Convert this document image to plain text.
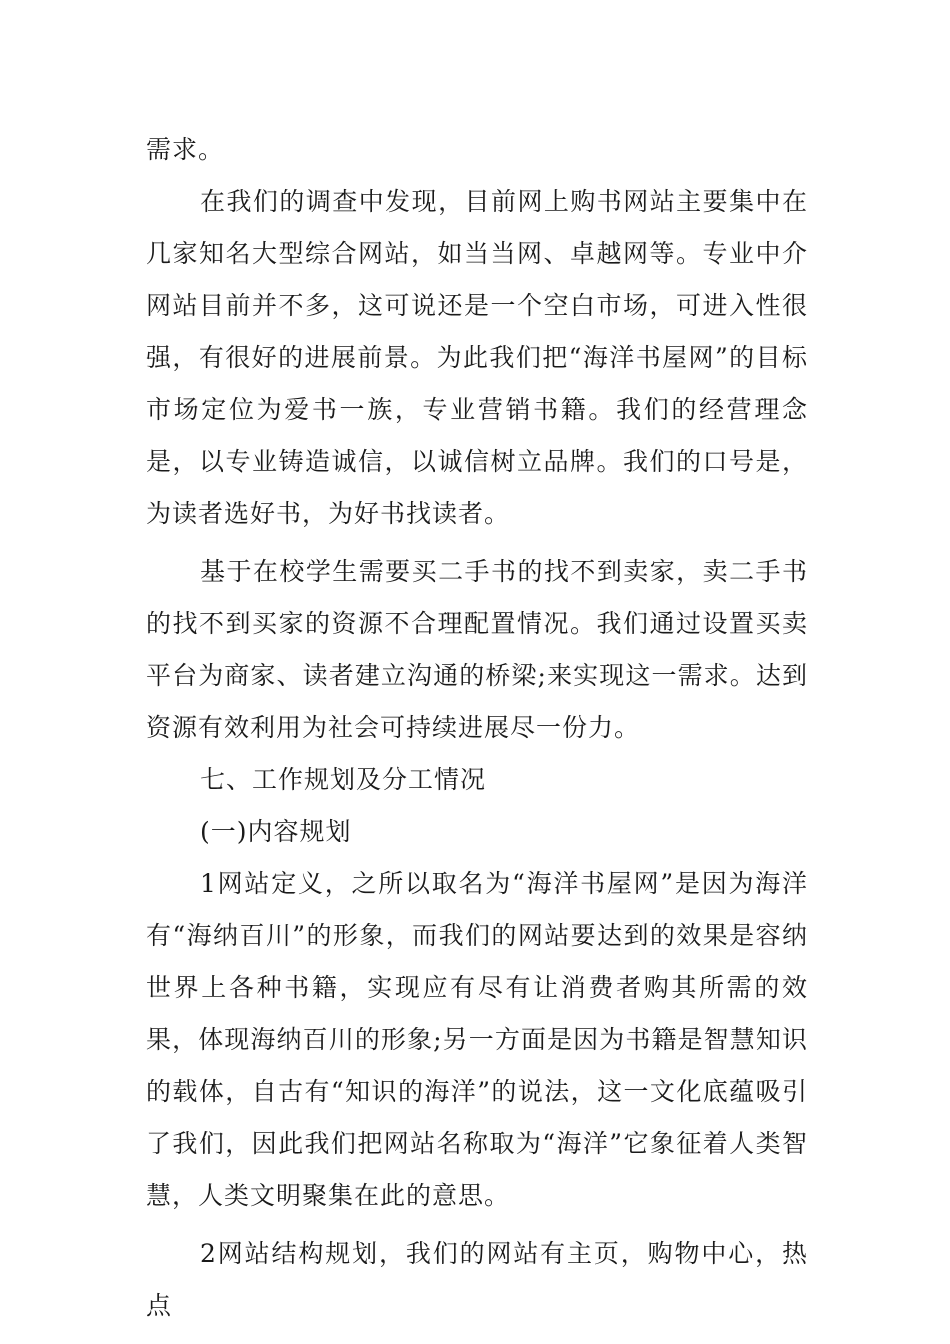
需求。

在我们的调查中发现，目前网上购书网站主要集中在几家知名大型综合网站，如当当网、卓越网等。专业中介网站目前并不多，这可说还是一个空白市场，可进入性很强，有很好的进展前景。为此我们把“海洋书屋网”的目标市场定位为爱书一族，专业营销书籍。我们的经营理念是，以专业铸造诚信，以诚信树立品牌。我们的口号是，为读者选好书，为好书找读者。

基于在校学生需要买二手书的找不到卖家，卖二手书的找不到买家的资源不合理配置情况。我们通过设置买卖平台为商家、读者建立沟通的桥梁;来实现这一需求。达到资源有效利用为社会可持续进展尽一份力。

七、工作规划及分工情况

(一)内容规划

1网站定义，之所以取名为“海洋书屋网”是因为海洋有“海纳百川”的形象，而我们的网站要达到的效果是容纳世界上各种书籍，实现应有尽有让消费者购其所需的效果，体现海纳百川的形象;另一方面是因为书籍是智慧知识的载体，自古有“知识的海洋”的说法，这一文化底蕴吸引了我们，因此我们把网站名称取为“海洋”它象征着人类智慧，人类文明聚集在此的意思。

2网站结构规划，我们的网站有主页，购物中心，热点
